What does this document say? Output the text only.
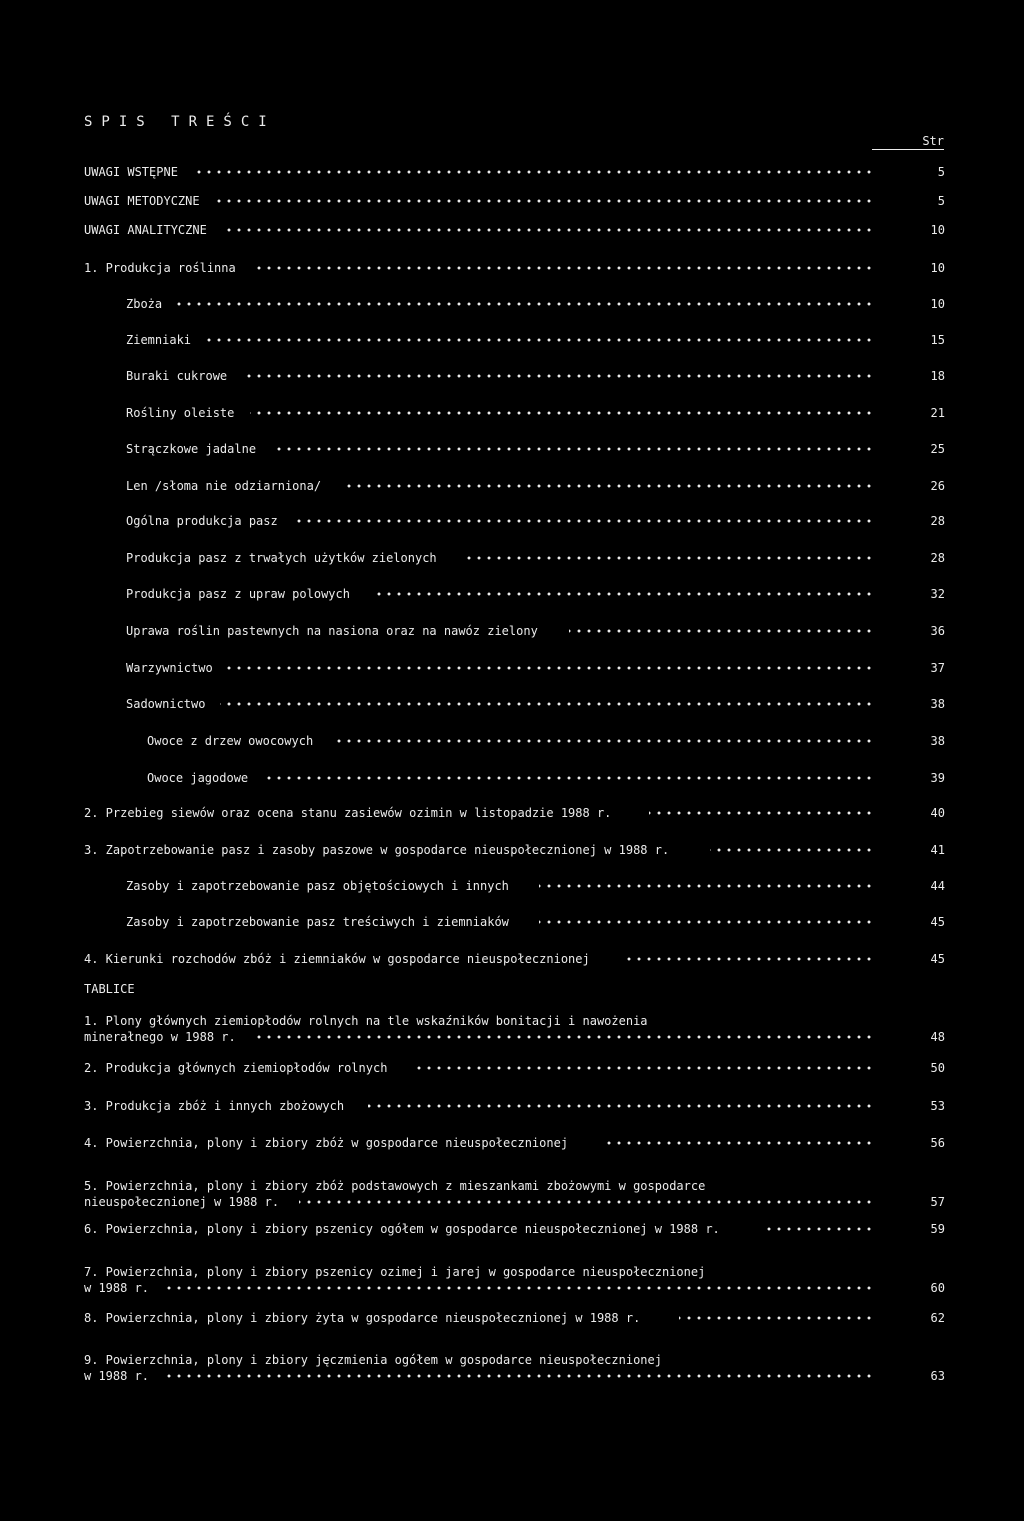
SPIS TREŚCI
Str
UWAGI WSTĘPNE	5
UWAGI METODYCZNE	5
UWAGI ANALITYCZNE	10
1. Produkcja roślinna	10
Zboża	10
Ziemniaki	15
Buraki cukrowe	18
Rośliny oleiste	21
Strączkowe jadalne	25
Len /słoma nie odziarniona/	26
Ogólna produkcja pasz	28
Produkcja pasz z trwałych użytków zielonych	28
Produkcja pasz z upraw polowych	32
Uprawa roślin pastewnych na nasiona oraz na nawóz zielony	36
Warzywnictwo	37
Sadownictwo	38
Owoce z drzew owocowych	38
Owoce jagodowe	39
2. Przebieg siewów oraz ocena stanu zasiewów ozimin w listopadzie 1988 r.	40
3. Zapotrzebowanie pasz i zasoby paszowe w gospodarce nieuspołecznionej w 1988 r.	41
Zasoby i zapotrzebowanie pasz objętościowych i innych	44
Zasoby i zapotrzebowanie pasz treściwych i ziemniaków	45
4. Kierunki rozchodów zbóż i ziemniaków w gospodarce nieuspołecznionej	45
TABLICE
1. Plony głównych ziemiopłodów rolnych na tle wskaźników bonitacji i nawożenia
minerałnego w 1988 r.	48
2. Produkcja głównych ziemiopłodów rolnych	50
3. Produkcja zbóż i innych zbożowych	53
4. Powierzchnia, plony i zbiory zbóż w gospodarce nieuspołecznionej	56
5. Powierzchnia, plony i zbiory zbóż podstawowych z mieszankami zbożowymi w gospodarce
nieuspołecznionej w 1988 r.	57
6. Powierzchnia, plony i zbiory pszenicy ogółem w gospodarce nieuspołecznionej w 1988 r.	59
7. Powierzchnia, plony i zbiory pszenicy ozimej i jarej w gospodarce nieuspołecznionej
w 1988 r.	60
8. Powierzchnia, plony i zbiory żyta w gospodarce nieuspołecznionej w 1988 r.	62
9. Powierzchnia, plony i zbiory jęczmienia ogółem w gospodarce nieuspołecznionej
w 1988 r.	63
